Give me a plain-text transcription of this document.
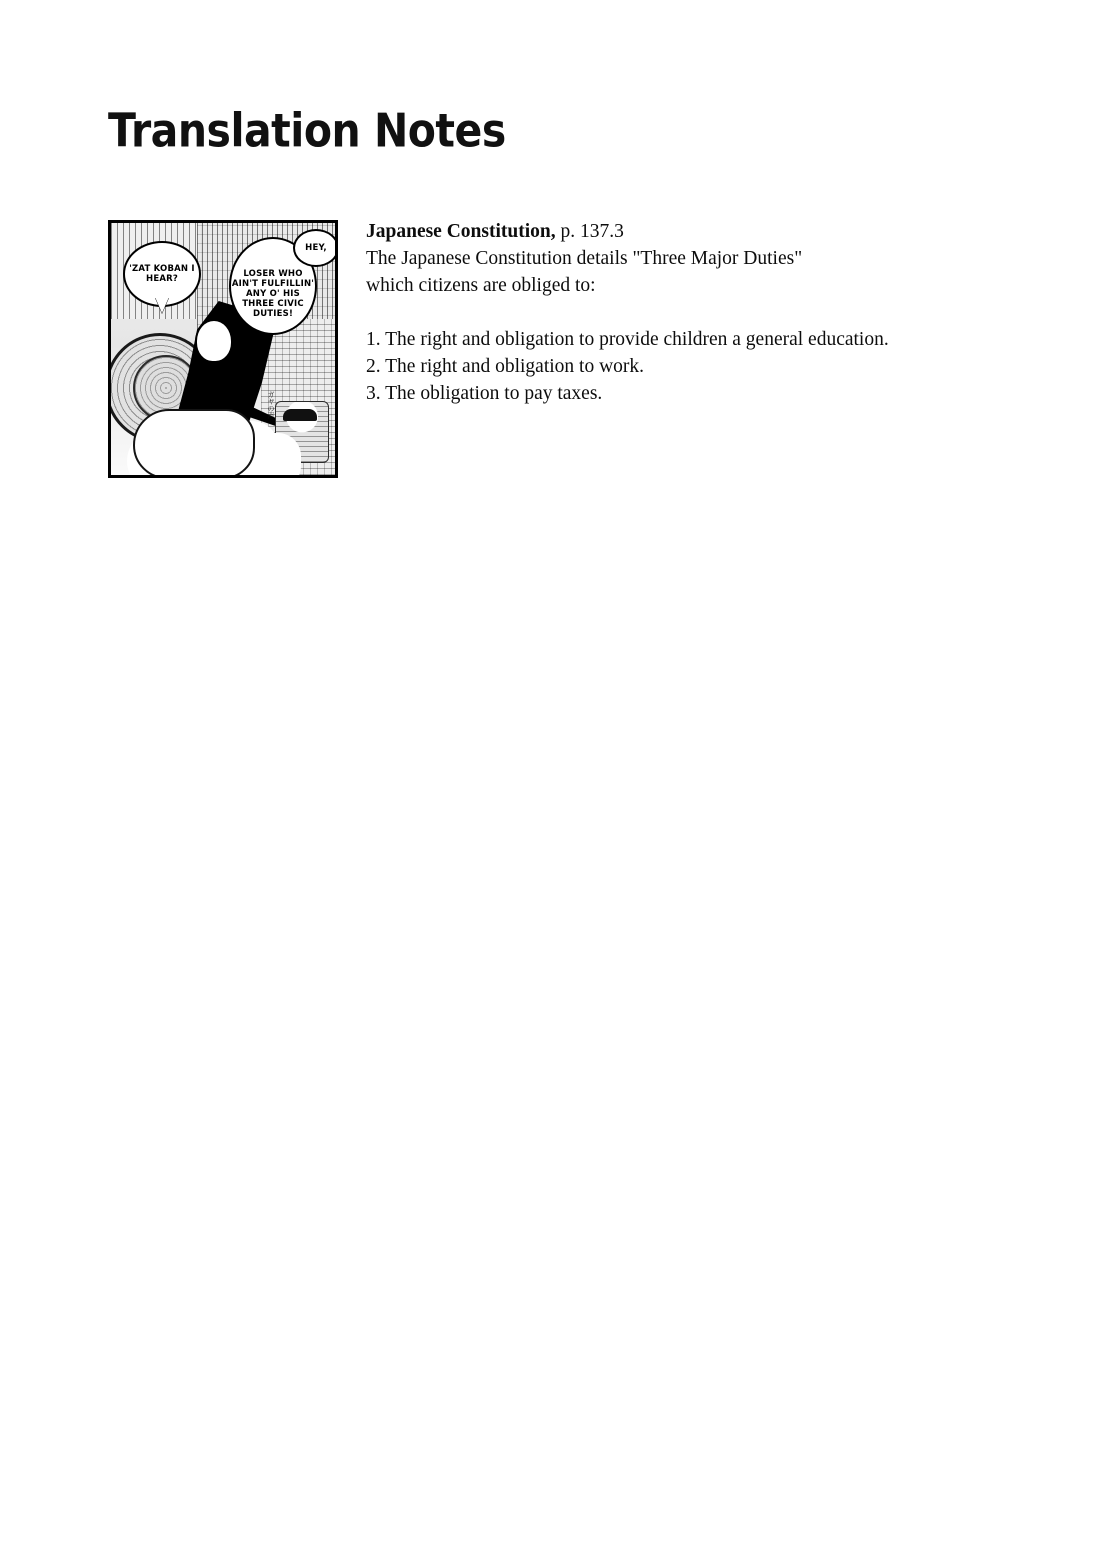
Translation Notes
ガヤの声
'ZAT KOBAN I HEAR?	LOSER WHO AIN'T FULFILLIN' ANY O' HIS THREE CIVIC DUTIES!
HEY,
Japanese Constitution, p. 137.3
The Japanese Constitution details "Three Major Duties"
which citizens are obliged to:
1. The right and obligation to provide children a general education.
2. The right and obligation to work.
3. The obligation to pay taxes.
